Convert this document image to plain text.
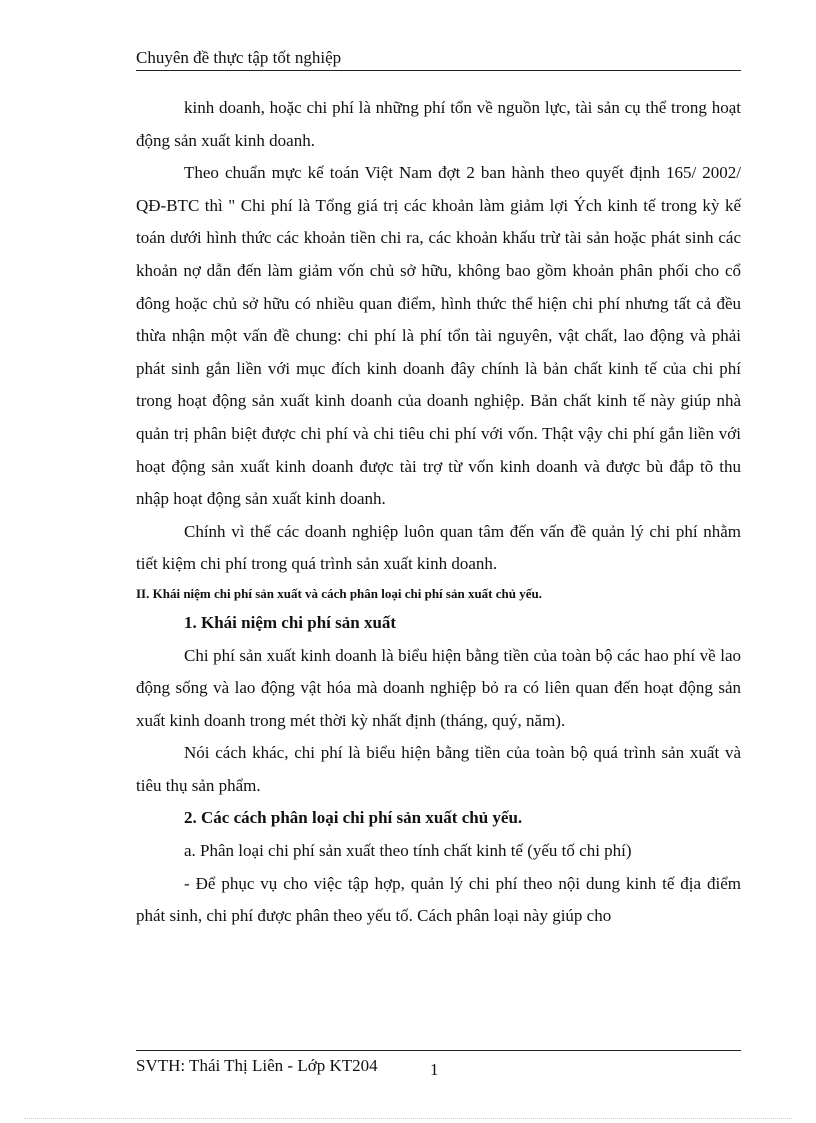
Chuyên đề thực tập tốt nghiệp

kinh doanh, hoặc chi phí là những phí tổn về nguồn lực, tài sản cụ thể trong hoạt động sản xuất kinh doanh.

Theo chuẩn mực kế toán Việt Nam đợt 2 ban hành theo quyết định 165/ 2002/ QĐ-BTC thì " Chi phí là Tổng giá trị các khoản làm giảm lợi Ých kinh tế trong kỳ kế toán dưới hình thức các khoản tiền chi ra, các khoản khấu trừ tài sản hoặc phát sinh các khoản nợ dẫn đến làm giảm vốn chủ sở hữu, không bao gồm khoản phân phối cho cổ đông hoặc chủ sở hữu có nhiều quan điểm, hình thức thể hiện chi phí nhưng tất cả đều thừa nhận một vấn đề chung: chi phí là phí tổn tài nguyên, vật chất, lao động và phải phát sinh gắn liền với mục đích kinh doanh đây chính là bản chất kinh tế của chi phí trong hoạt động sản xuất kinh doanh của doanh nghiệp. Bản chất kinh tế này giúp nhà quản trị phân biệt được chi phí và chi tiêu chi phí với vốn. Thật vậy chi phí gắn liền với hoạt động sản xuất kinh doanh được tài trợ từ vốn kinh doanh và được bù đắp tõ thu nhập hoạt động sản xuất kinh doanh.

Chính vì thế các doanh nghiệp luôn quan tâm đến vấn đề quản lý chi phí nhằm tiết kiệm chi phí trong quá trình sản xuất kinh doanh.

II. Khái niệm chi phí sản xuất và cách phân loại chi phí sản xuất chủ yếu.

1. Khái niệm chi phí sản xuất

Chi phí sản xuất kinh doanh là biểu hiện bằng tiền của toàn bộ các hao phí về lao động sống và lao động vật hóa mà doanh nghiệp bỏ ra có liên quan đến hoạt động sản xuất kinh doanh trong mét thời kỳ nhất định (tháng, quý, năm).

Nói cách khác, chi phí là biểu hiện bằng tiền của toàn bộ quá trình sản xuất và tiêu thụ sản phẩm.

2. Các cách phân loại chi phí sản xuất chủ yếu.

a. Phân loại chi phí sản xuất theo tính chất kinh tế (yếu tố chi phí)

- Để phục vụ cho việc tập hợp, quản lý chi phí theo nội dung kinh tế địa điểm phát sinh, chi phí được phân theo yếu tố. Cách phân loại này giúp cho

SVTH: Thái Thị Liên - Lớp KT204	1
